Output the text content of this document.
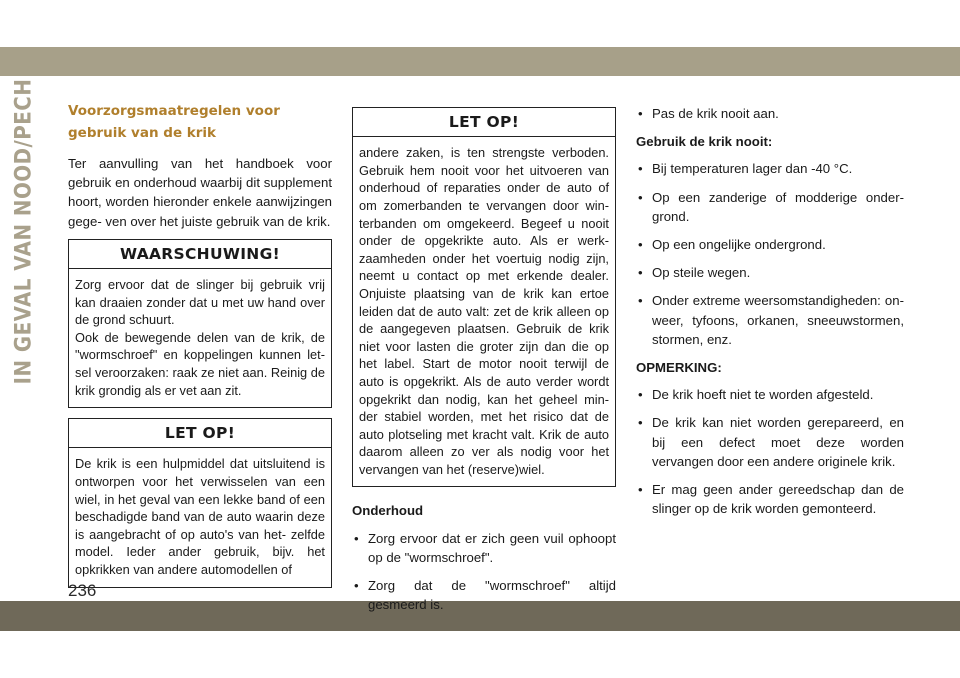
IN GEVAL VAN NOOD/PECH Voorzorgsmaatregelen voor gebruik van de krik

Ter aanvulling van het handboek voor gebruik en onderhoud waarbij dit supplement hoort, worden hieronder enkele aanwijzingen gege- ven over het juiste gebruik van de krik.

WAARSCHUWING!
Zorg ervoor dat de slinger bij gebruik vrij kan draaien zonder dat u met uw hand over de grond schuurt.
Ook de bewegende delen van de krik, de "wormschroef" en koppelingen kunnen let- sel veroorzaken: raak ze niet aan. Reinig de krik grondig als er vet aan zit.
LET OP!
De krik is een hulpmiddel dat uitsluitend is ontworpen voor het verwisselen van een wiel, in het geval van een lekke band of een beschadigde band van de auto waarin deze is aangebracht of op auto's van het- zelfde model. Ieder ander gebruik, bijv. het opkrikken van andere automodellen of
LET OP!
andere zaken, is ten strengste verboden. Gebruik hem nooit voor het uitvoeren van onderhoud of reparaties onder de auto of om zomerbanden te vervangen door win- terbanden om omgekeerd. Begeef u nooit onder de opgekrikte auto. Als er werk- zaamheden onder het voertuig nodig zijn, neemt u contact op met erkende dealer. Onjuiste plaatsing van de krik kan ertoe leiden dat de auto valt: zet de krik alleen op de aangegeven plaatsen. Gebruik de krik niet voor lasten die groter zijn dan die op het label. Start de motor nooit terwijl de auto is opgekrikt. Als de auto verder wordt opgekrikt dan nodig, kan het geheel min- der stabiel worden, met het risico dat de auto plotseling met kracht valt. Krik de auto daarom alleen zo ver als nodig voor het vervangen van het (reserve)wiel.
Onderhoud
• Zorg ervoor dat er zich geen vuil ophoopt op de "wormschroef".
• Zorg dat de "wormschroef" altijd gesmeerd is.
• Pas de krik nooit aan.
Gebruik de krik nooit:
• Bij temperaturen lager dan -40 °C.
• Op een zanderige of modderige onder- grond.
• Op een ongelijke ondergrond.
• Op steile wegen.
• Onder extreme weersomstandigheden: on- weer, tyfoons, orkanen, sneeuwstormen, stormen, enz.
OPMERKING:
• De krik hoeft niet te worden afgesteld.
• De krik kan niet worden gerepareerd, en bij een defect moet deze worden vervangen door een andere originele krik.
• Er mag geen ander gereedschap dan de slinger op de krik worden gemonteerd.
236
